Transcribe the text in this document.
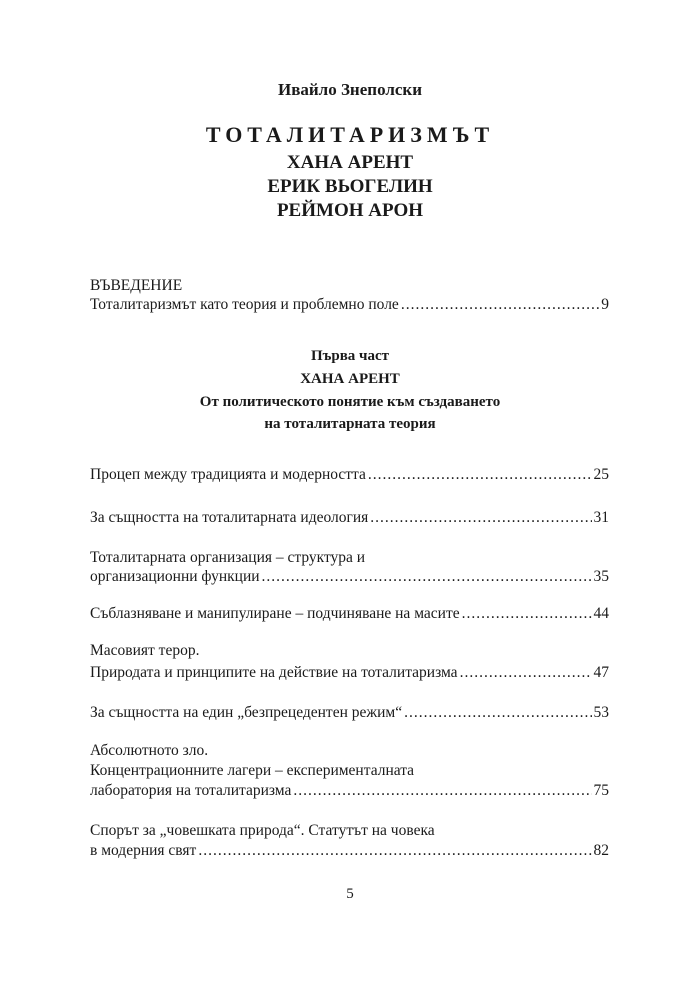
Ивайло Знеполски
ТОТАЛИТАРИЗМЪТ
ХАНА АРЕНТ
ЕРИК ВЬОГЕЛИН
РЕЙМОН АРОН
ВЪВЕДЕНИЕ
Тоталитаризмът като теория и проблемно поле .....	9
Първа част
ХАНА АРЕНТ
От политическото понятие към създаването
на тоталитарната теория
Процеп между традицията и модерността .....	25
За същността на тоталитарната идеология .....	31
Тоталитарната организация – структура и
организационни функции .....	35
Съблазняване и манипулиране – подчиняване на масите .....	44
Масовият терор.
Природата и принципите на действие на тоталитаризма .....	47
За същността на един „безпрецедентен режим“ .....	53
Абсолютното зло.
Концентрационните лагери – експерименталната
лаборатория на тоталитаризма .....	75
Спорът за „човешката природа“. Статутът на човека
в модерния свят .....	82
5
